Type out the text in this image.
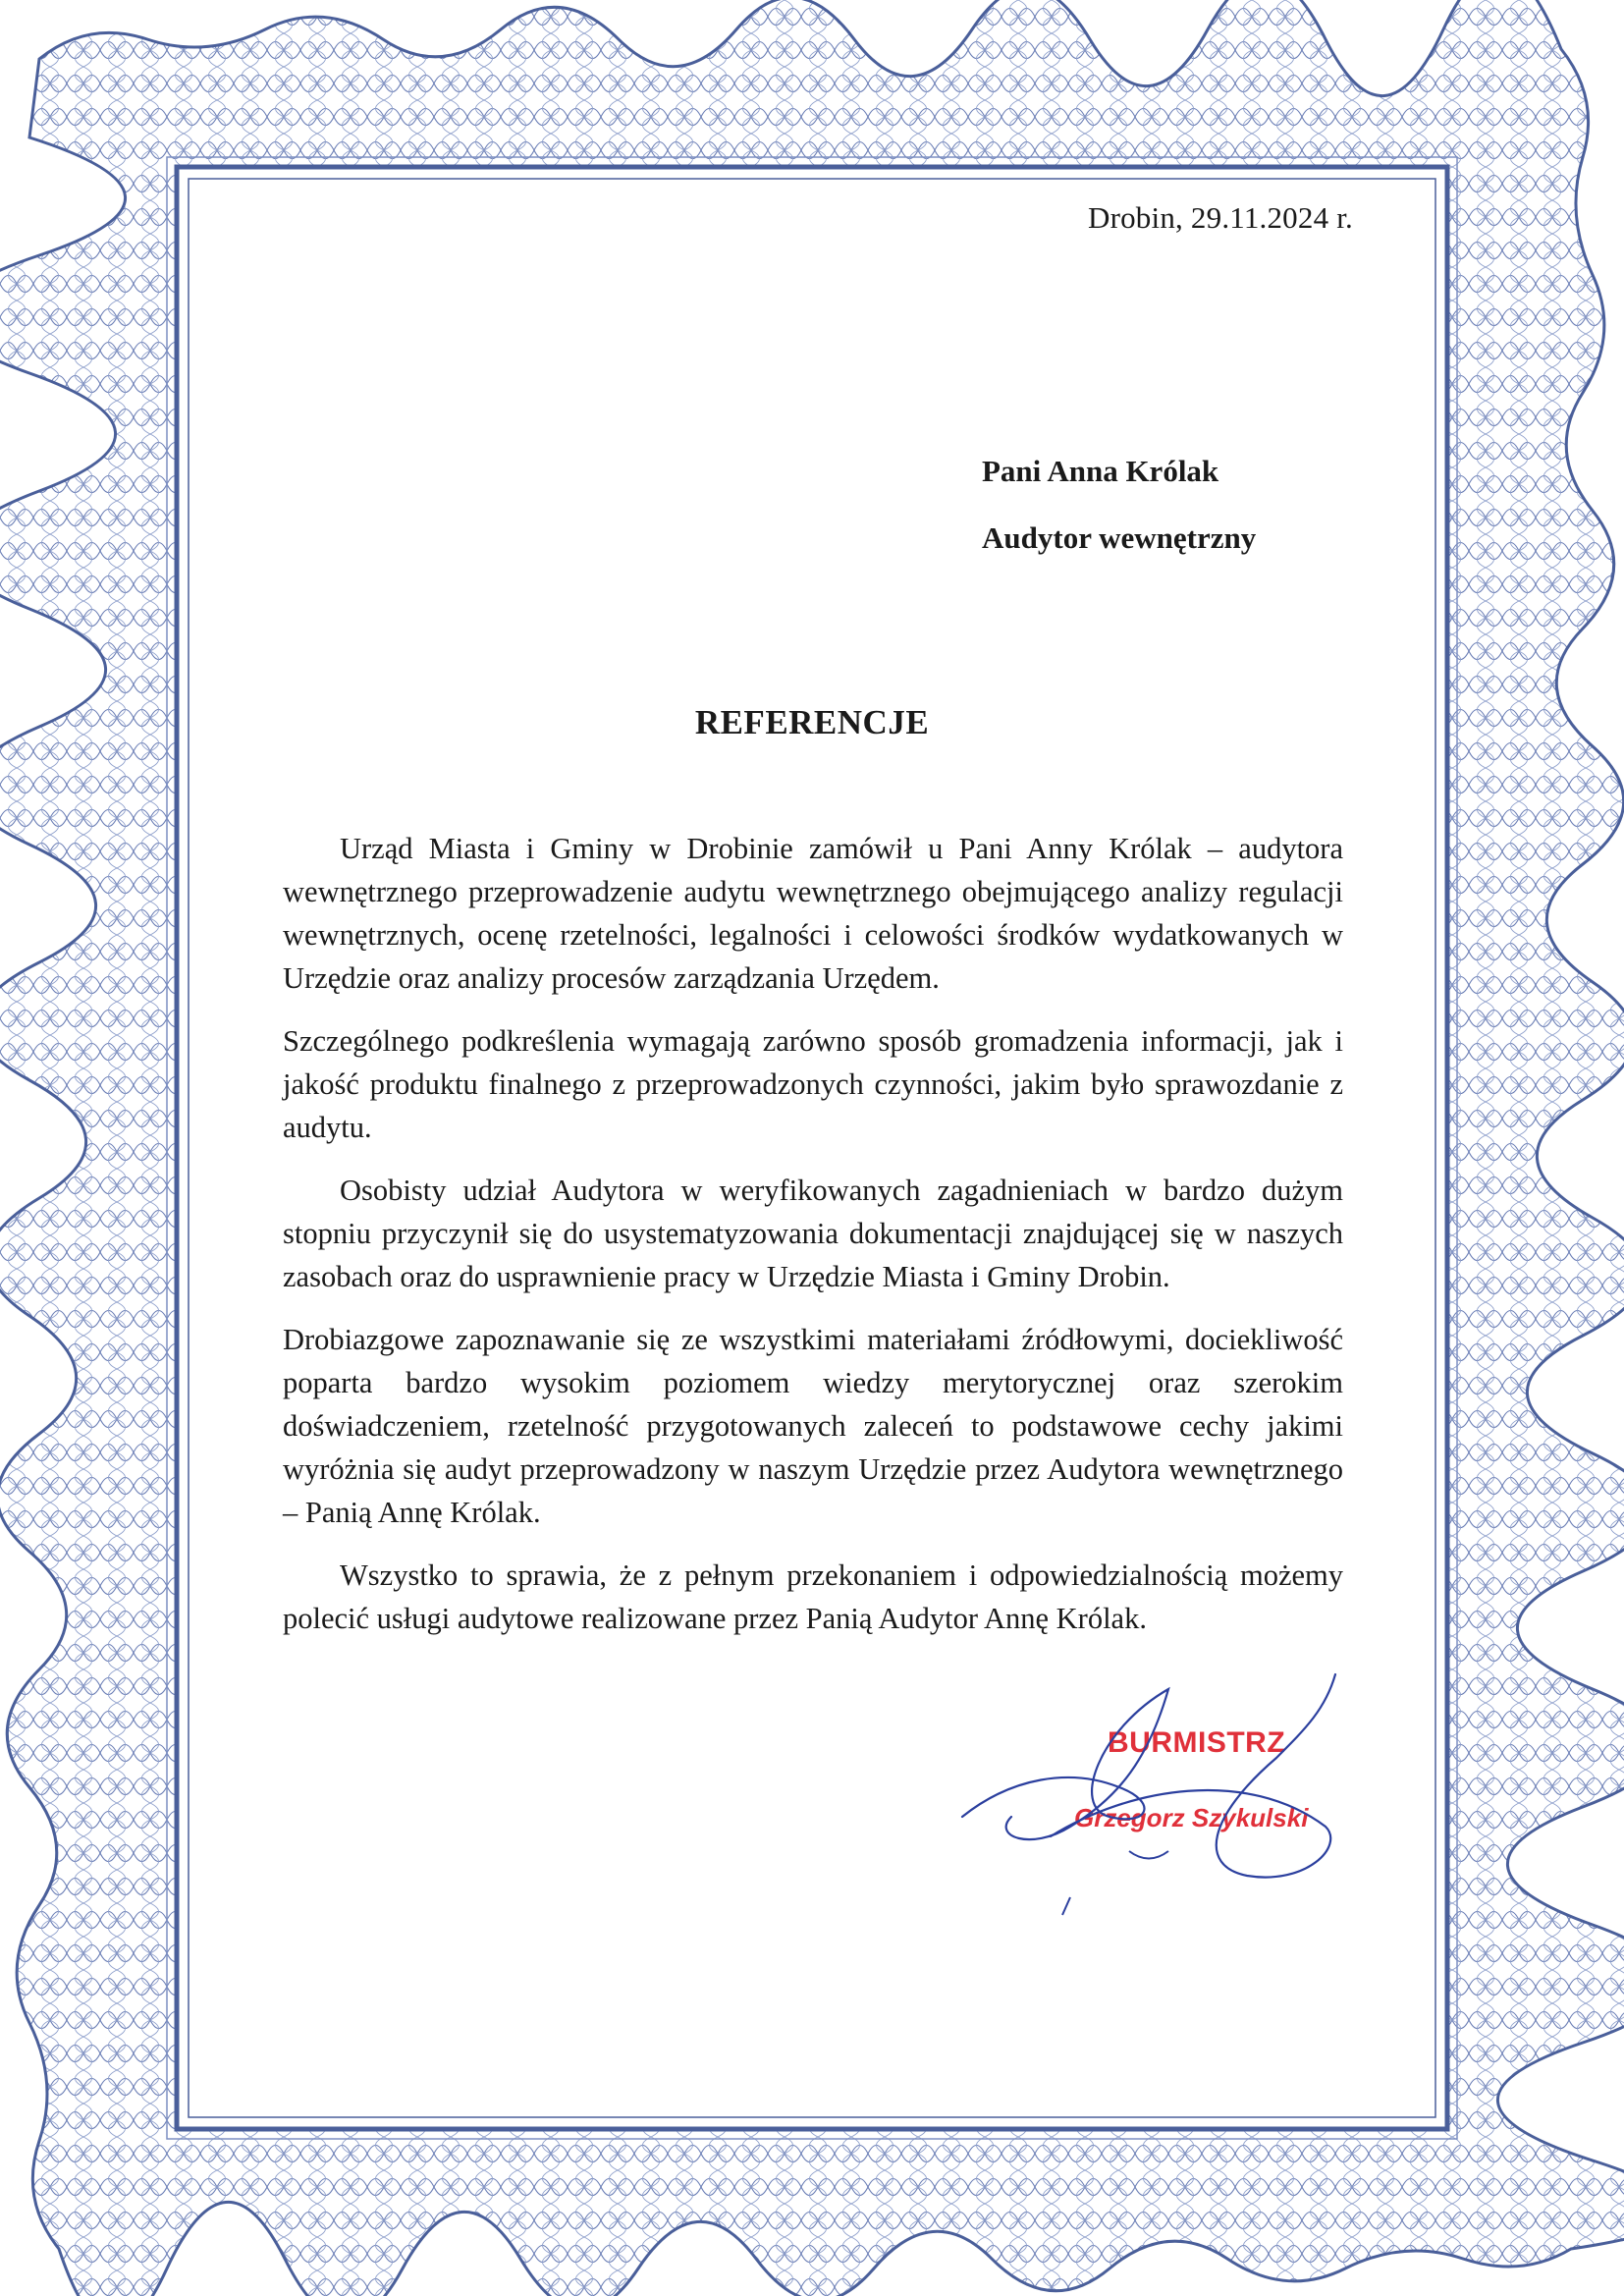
Drobin, 29.11.2024 r.
Pani Anna Królak
Audytor wewnętrzny
REFERENCJE

Urząd Miasta i Gminy w Drobinie zamówił u Pani Anny Królak – audytora wewnętrznego przeprowadzenie audytu wewnętrznego obejmującego analizy regulacji wewnętrznych, ocenę rzetelności, legalności i celowości środków wydatkowanych w Urzędzie oraz analizy procesów zarządzania Urzędem.

Szczególnego podkreślenia wymagają zarówno sposób gromadzenia informacji, jak i jakość produktu finalnego z przeprowadzonych czynności, jakim było sprawozdanie z audytu.

Osobisty udział Audytora w weryfikowanych zagadnieniach w bardzo dużym stopniu przyczynił się do usystematyzowania dokumentacji znajdującej się w naszych zasobach oraz do usprawnienie pracy w Urzędzie Miasta i Gminy Drobin.

Drobiazgowe zapoznawanie się ze wszystkimi materiałami źródłowymi, dociekliwość poparta bardzo wysokim poziomem wiedzy merytorycznej oraz szerokim doświadczeniem, rzetelność przygotowanych zaleceń to podstawowe cechy jakimi wyróżnia się audyt przeprowadzony w naszym Urzędzie przez Audytora wewnętrznego – Panią Annę Królak.

Wszystko to sprawia, że z pełnym przekonaniem i odpowiedzialnością możemy polecić usługi audytowe realizowane przez Panią Audytor Annę Królak.

BURMISTRZ
Grzegorz Szykulski
